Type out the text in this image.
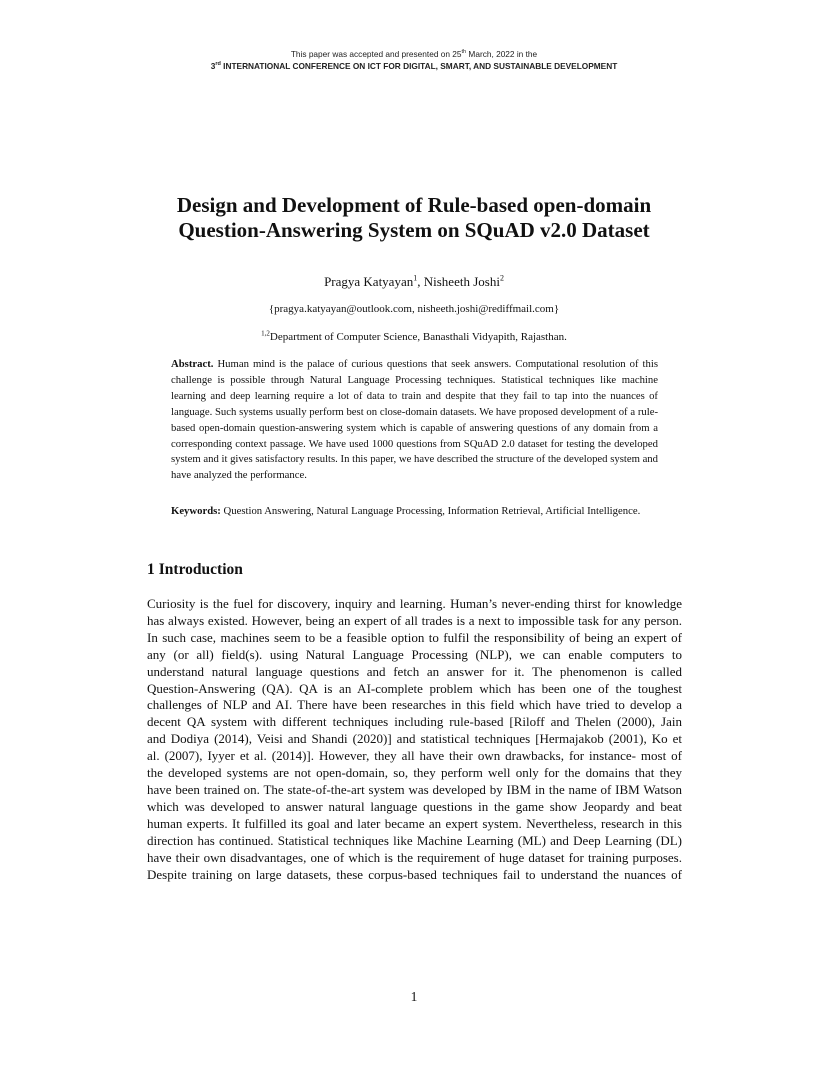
This paper was accepted and presented on 25th March, 2022 in the
3rd INTERNATIONAL CONFERENCE ON ICT FOR DIGITAL, SMART, AND SUSTAINABLE DEVELOPMENT
Design and Development of Rule-based open-domain
Question-Answering System on SQuAD v2.0 Dataset
Pragya Katyayan$^1$, Nisheeth Joshi$^2$
{pragya.katyayan@outlook.com, nisheeth.joshi@rediffmail.com}
$^{1,2}$Department of Computer Science, Banasthali Vidyapith, Rajasthan.
Abstract. Human mind is the palace of curious questions that seek answers. Computational resolution of this challenge is possible through Natural Language Processing techniques. Statistical techniques like machine learning and deep learning require a lot of data to train and despite that they fail to tap into the nuances of language. Such systems usually perform best on close-domain datasets. We have proposed development of a rule-based open-domain question-answering system which is capable of answering questions of any domain from a corresponding context passage. We have used 1000 questions from SQuAD 2.0 dataset for testing the developed system and it gives satisfactory results. In this paper, we have described the structure of the developed system and have analyzed the performance.
Keywords: Question Answering, Natural Language Processing, Information Retrieval, Artificial Intelligence.
1 Introduction
Curiosity is the fuel for discovery, inquiry and learning. Human’s never-ending thirst for knowledge
has always existed. However, being an expert of all trades is a next to impossible task for any person.
In such case, machines seem to be a feasible option to fulfil the responsibility of being an expert of
any (or all) field(s). using Natural Language Processing (NLP), we can enable computers to
understand natural language questions and fetch an answer for it. The phenomenon is called
Question-Answering (QA). QA is an AI-complete problem which has been one of the toughest
challenges of NLP and AI. There have been researches in this field which have tried to develop a
decent QA system with different techniques including rule-based [Riloff and Thelen (2000), Jain
and Dodiya (2014), Veisi and Shandi (2020)] and statistical techniques [Hermajakob (2001), Ko et
al. (2007), Iyyer et al. (2014)]. However, they all have their own drawbacks, for instance- most of
the developed systems are not open-domain, so, they perform well only for the domains that they
have been trained on. The state-of-the-art system was developed by IBM in the name of IBM Watson
which was developed to answer natural language questions in the game show Jeopardy and beat
human experts. It fulfilled its goal and later became an expert system. Nevertheless, research in this
direction has continued. Statistical techniques like Machine Learning (ML) and Deep Learning (DL)
have their own disadvantages, one of which is the requirement of huge dataset for training purposes.
Despite training on large datasets, these corpus-based techniques fail to understand the nuances of
1
